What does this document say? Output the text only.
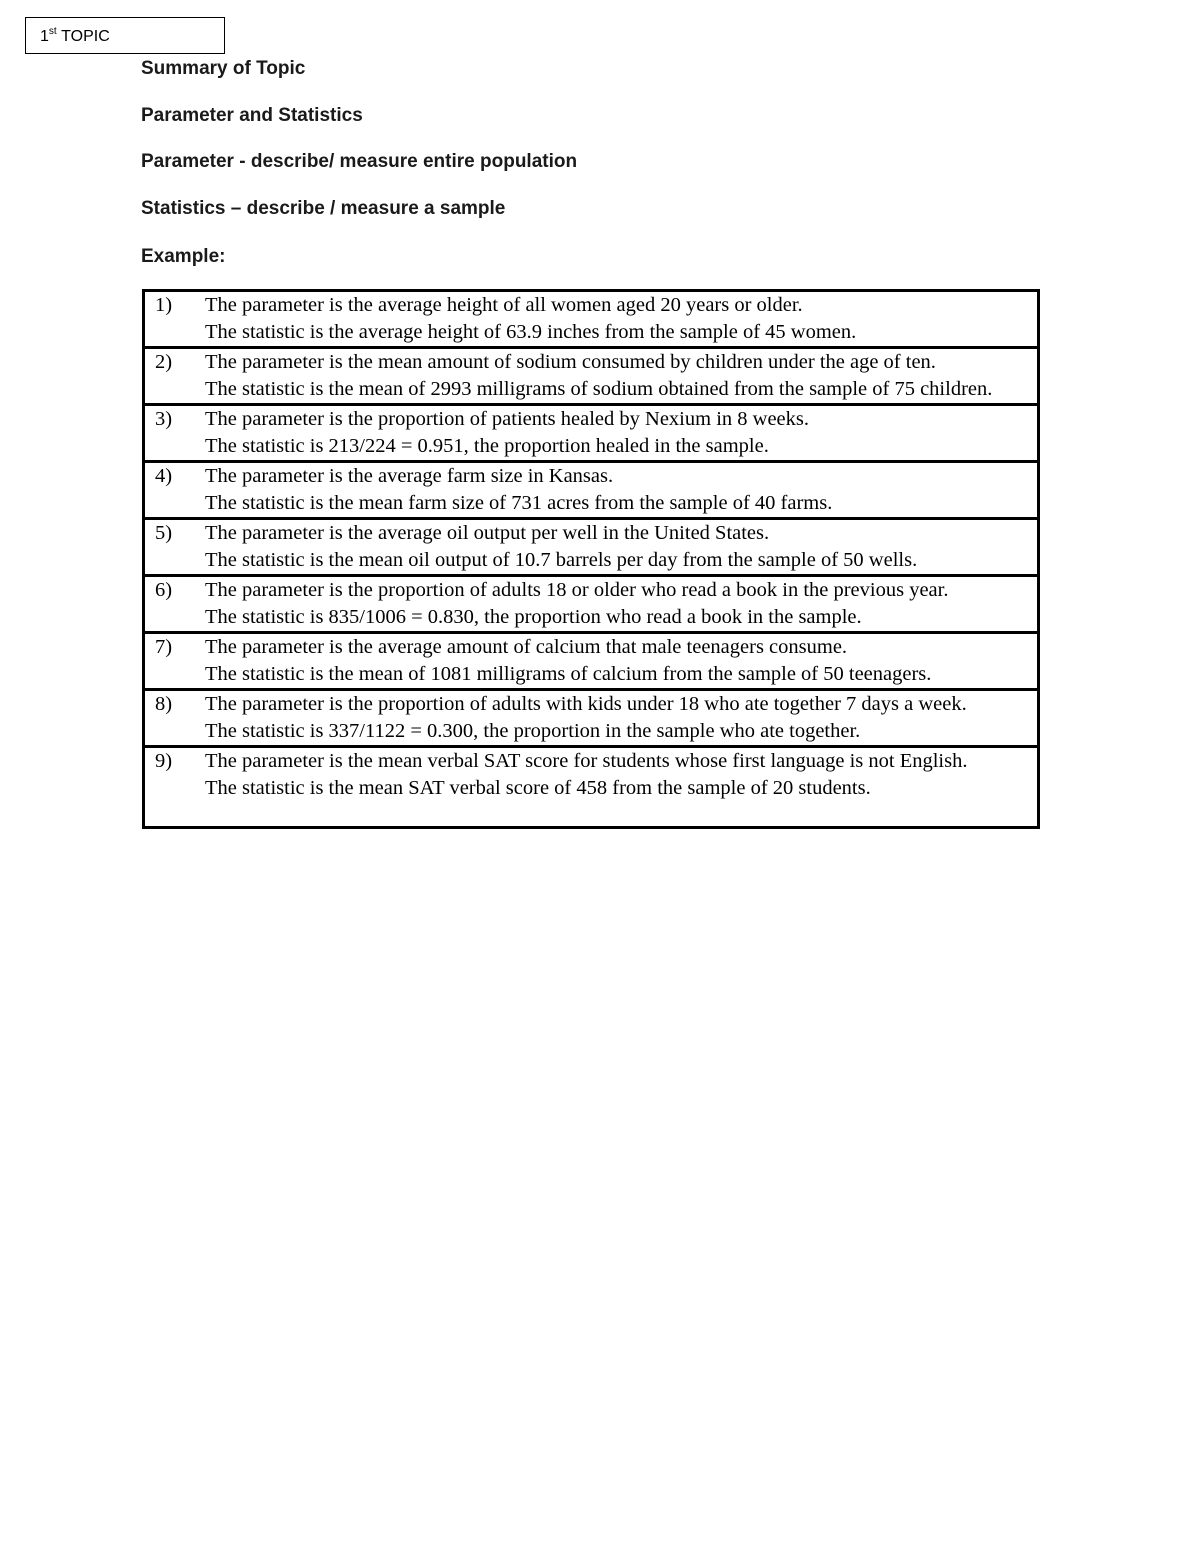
1st TOPIC
Summary of Topic
Parameter and Statistics
Parameter - describe/ measure entire population
Statistics – describe / measure a sample
Example:
1)	The parameter is the average height of all women aged 20 years or older.
The statistic is the average height of 63.9 inches from the sample of 45 women.

2)	The parameter is the mean amount of sodium consumed by children under the age of ten.
The statistic is the mean of 2993 milligrams of sodium obtained from the sample of 75 children.

3)	The parameter is the proportion of patients healed by Nexium in 8 weeks.
The statistic is 213/224 = 0.951, the proportion healed in the sample.

4)	The parameter is the average farm size in Kansas.
The statistic is the mean farm size of 731 acres from the sample of 40 farms.

5)	The parameter is the average oil output per well in the United States.
The statistic is the mean oil output of 10.7 barrels per day from the sample of 50 wells.

6)	The parameter is the proportion of adults 18 or older who read a book in the previous year.
The statistic is 835/1006 = 0.830, the proportion who read a book in the sample.

7)	The parameter is the average amount of calcium that male teenagers consume.
The statistic is the mean of 1081 milligrams of calcium from the sample of 50 teenagers.

8)	The parameter is the proportion of adults with kids under 18 who ate together 7 days a week.
The statistic is 337/1122 = 0.300, the proportion in the sample who ate together.

9)	The parameter is the mean verbal SAT score for students whose first language is not English.
The statistic is the mean SAT verbal score of 458 from the sample of 20 students.
